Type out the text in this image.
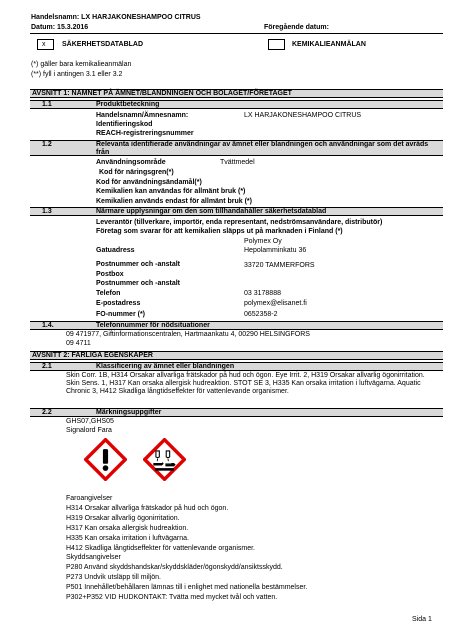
Handelsnamn: LX HARJAKONESHAMPOO CITRUS
Datum: 15.3.2016	Föregående datum:
x SÄKERHETSDATABLAD	KEMIKALIEANMÄLAN
(*) gäller bara kemikalieanmälan
(**) fyll i antingen 3.1 eller 3.2
AVSNITT 1: NAMNET PÅ ÄMNET/BLANDNINGEN OCH BOLAGET/FÖRETAGET
1.1	Produktbeteckning
Handelsnamn/Ämnesnamn:	LX HARJAKONESHAMPOO CITRUS
Identifieringskod
REACH-registreringsnummer
1.2	Relevanta identifierade användningar av ämnet eller blandningen och användningar som det avråds från
Användningsområde	Tvättmedel
Kod för näringsgren(*)
Kod för användningsändamål(*)
Kemikalien kan användas för allmänt bruk (*)
Kemikalien används endast för allmänt bruk (*)
1.3	Närmare upplysningar om den som tillhandahåller säkerhetsdatablad
Leverantör (tillverkare, importör, enda representant, nedströmsanvändare, distributör)
Företag som svarar för att kemikalien släpps ut på marknaden i Finland (*)
Polymex Oy
Gatuadress	Hepolamminkatu 36
Postnummer och -anstalt	33720 TAMMERFORS
Postbox
Postnummer och -anstalt
Telefon	03 3178888
E-postadress	polymex@elisanet.fi
FO-nummer (*)	0652358-2
1.4.	Telefonnummer för nödsituationer
09 471977, Giftinformationscentralen, Hartmaankatu 4, 00290 HELSINGFORS
09 4711
AVSNITT 2: FARLIGA EGENSKAPER
2.1	Klassificering av ämnet eller blandningen
Skin Corr. 1B, H314 Orsakar allvarliga frätskador på hud och ögon. Eye Irrit. 2, H319 Orsakar allvarlig ögonirritation. Skin Sens. 1, H317 Kan orsaka allergisk hudreaktion. STOT SE 3, H335 Kan orsaka irritation i luftvägarna. Aquatic Chronic 3, H412 Skadliga långtidseffekter för vattenlevande organismer.
2.2	Märkningsuppgifter
GHS07,GHS05
Signalord Fara
Faroangivelser
H314 Orsakar allvarliga frätskador på hud och ögon.
H319 Orsakar allvarlig ögonirritation.
H317 Kan orsaka allergisk hudreaktion.
H335 Kan orsaka irritation i luftvägarna.
H412 Skadliga långtidseffekter för vattenlevande organismer.
Skyddsangivelser
P280 Använd skyddshandskar/skyddskläder/ögonskydd/ansiktsskydd.
P273 Undvik utsläpp till miljön.
P501 Innehållet/behållaren lämnas till i enlighet med nationella bestämmelser.
P302+P352 VID HUDKONTAKT: Tvätta med mycket tvål och vatten.
Sida 1
